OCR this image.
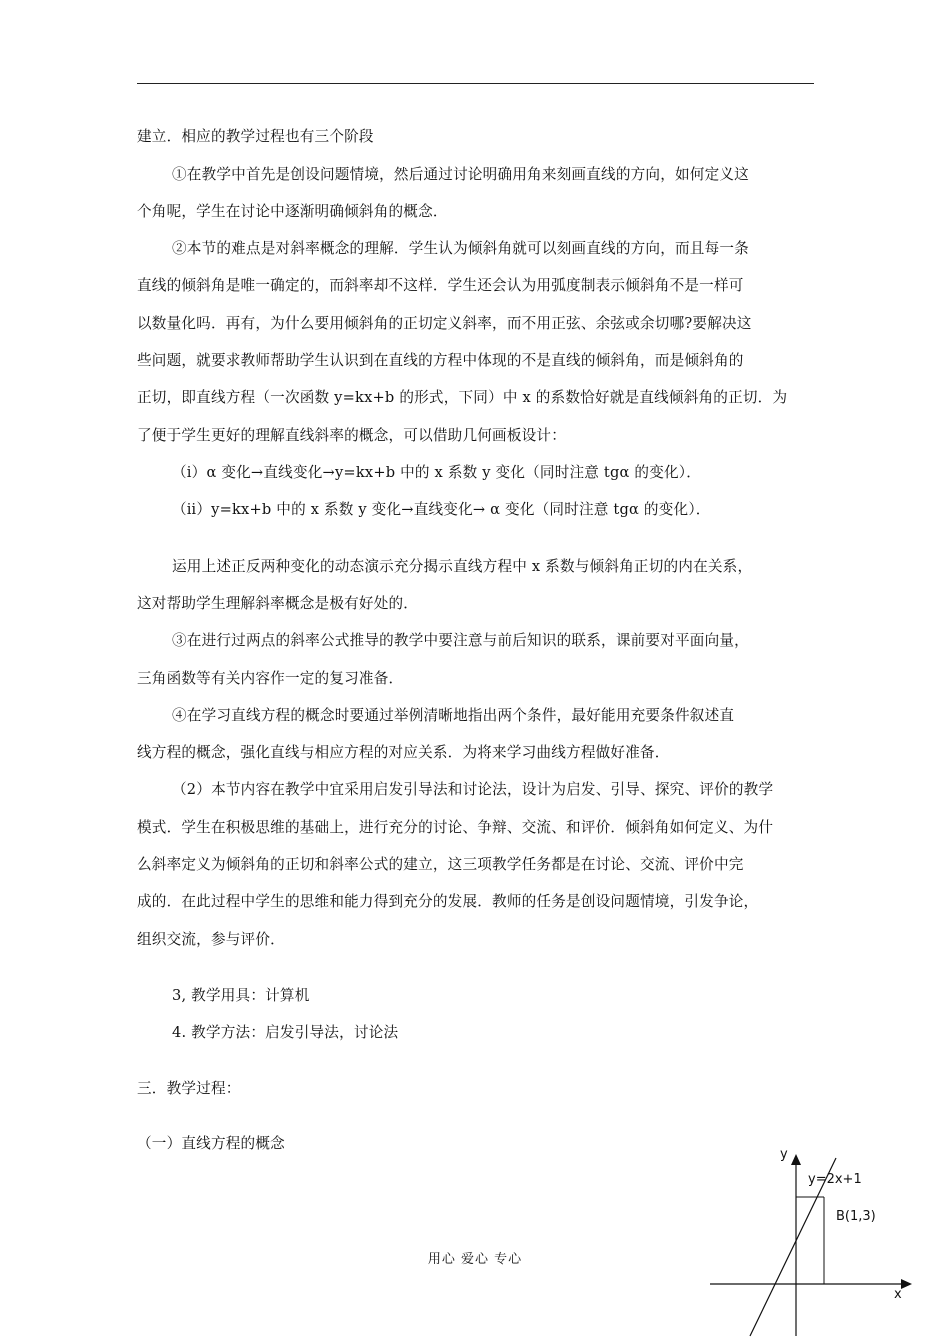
建立．相应的教学过程也有三个阶段
①在教学中首先是创设问题情境，然后通过讨论明确用角来刻画直线的方向，如何定义这
个角呢，学生在讨论中逐渐明确倾斜角的概念．
②本节的难点是对斜率概念的理解．学生认为倾斜角就可以刻画直线的方向，而且每一条
直线的倾斜角是唯一确定的，而斜率却不这样．学生还会认为用弧度制表示倾斜角不是一样可
以数量化吗．再有，为什么要用倾斜角的正切定义斜率，而不用正弦、余弦或余切哪?要解决这
些问题，就要求教师帮助学生认识到在直线的方程中体现的不是直线的倾斜角，而是倾斜角的
正切，即直线方程（一次函数 y=kx+b 的形式，下同）中 x 的系数恰好就是直线倾斜角的正切．为
了便于学生更好的理解直线斜率的概念，可以借助几何画板设计：
（ⅰ）α 变化→直线变化→y=kx+b 中的 x 系数 y 变化（同时注意 tgα 的变化）．
（ⅱ）y=kx+b 中的 x 系数 y 变化→直线变化→ α 变化（同时注意 tgα 的变化）．
运用上述正反两种变化的动态演示充分揭示直线方程中 x 系数与倾斜角正切的内在关系，
这对帮助学生理解斜率概念是极有好处的．
③在进行过两点的斜率公式推导的教学中要注意与前后知识的联系，课前要对平面向量，
三角函数等有关内容作一定的复习准备．
④在学习直线方程的概念时要通过举例清晰地指出两个条件，最好能用充要条件叙述直
线方程的概念，强化直线与相应方程的对应关系．为将来学习曲线方程做好准备．
（2）本节内容在教学中宜采用启发引导法和讨论法，设计为启发、引导、探究、评价的教学
模式．学生在积极思维的基础上，进行充分的讨论、争辩、交流、和评价．倾斜角如何定义、为什
么斜率定义为倾斜角的正切和斜率公式的建立，这三项教学任务都是在讨论、交流、评价中完
成的．在此过程中学生的思维和能力得到充分的发展．教师的任务是创设问题情境，引发争论，
组织交流，参与评价．
3, 教学用具：计算机
4. 教学方法：启发引导法，讨论法
三．教学过程：
（一）直线方程的概念
y
x
y=2x+1
B(1,3)
用心 爱心 专心
